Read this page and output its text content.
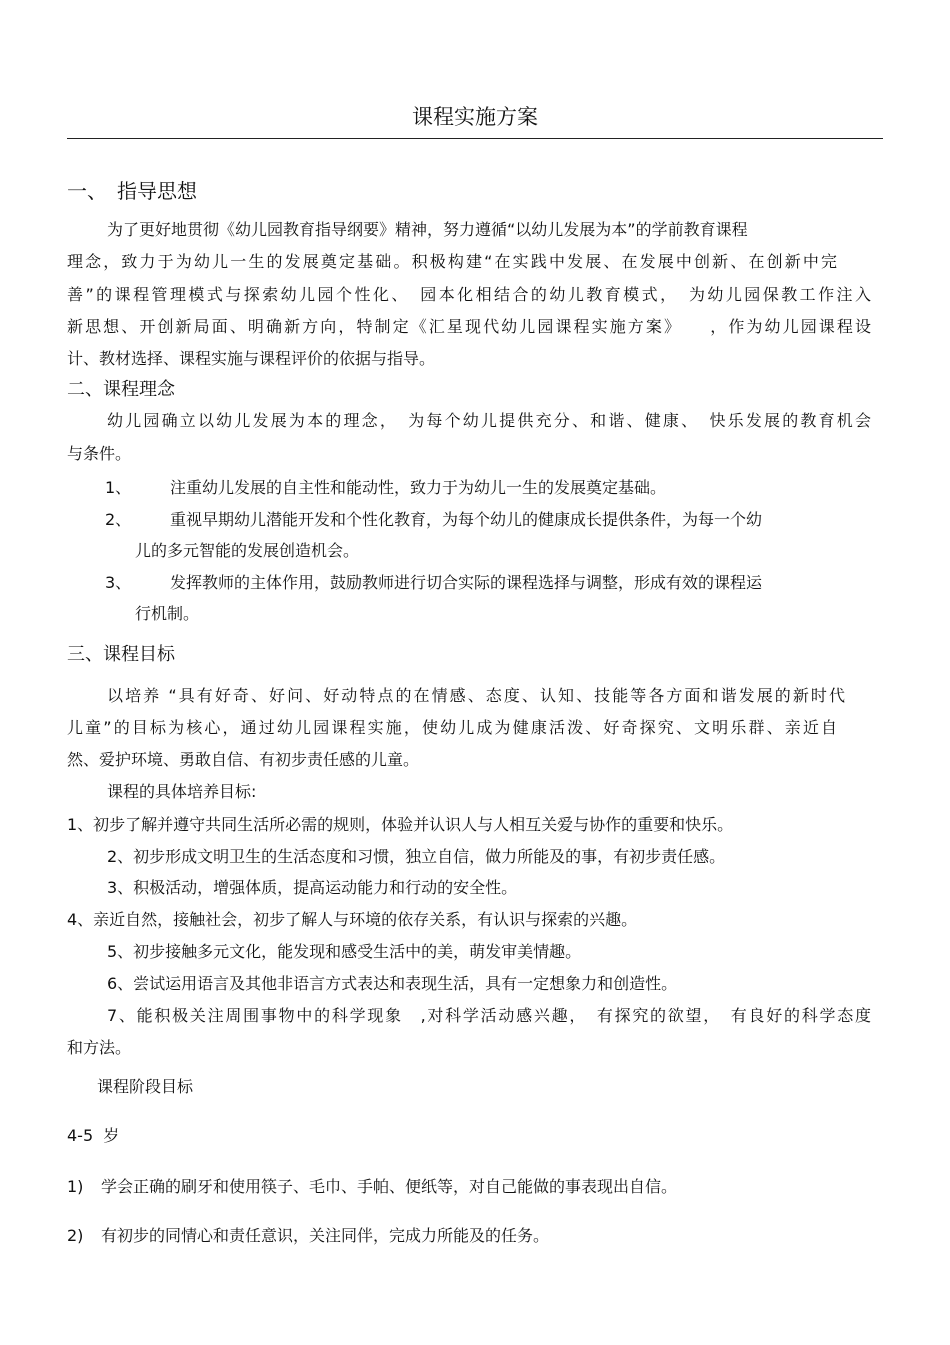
课程实施方案
一、　指导思想
为了更好地贯彻《幼儿园教育指导纲要》精神，努力遵循“以幼儿发展为本”的学前教育课程
理念，致力于为幼儿一生的发展奠定基础。积极构建“在实践中发展、在发展中创新、在创新中完
善”的课程管理模式与探索幼儿园个性化、　园本化相结合的幼儿教育模式，　为幼儿园保教工作注入
新思想、开创新局面、明确新方向，特制定《汇星现代幼儿园课程实施方案》　　，作为幼儿园课程设
计、教材选择、课程实施与课程评价的依据与指导。
二、课程理念
幼儿园确立以幼儿发展为本的理念，　为每个幼儿提供充分、和谐、健康、　快乐发展的教育机会
与条件。
1、 注重幼儿发展的自主性和能动性，致力于为幼儿一生的发展奠定基础。
2、 重视早期幼儿潜能开发和个性化教育，为每个幼儿的健康成长提供条件，为每一个幼
儿的多元智能的发展创造机会。
3、 发挥教师的主体作用，鼓励教师进行切合实际的课程选择与调整，形成有效的课程运
行机制。
三、课程目标
以培养 “具有好奇、好问、好动特点的在情感、态度、认知、技能等各方面和谐发展的新时代
儿童”的目标为核心，通过幼儿园课程实施，使幼儿成为健康活泼、好奇探究、文明乐群、亲近自
然、爱护环境、勇敢自信、有初步责任感的儿童。
课程的具体培养目标:
1、初步了解并遵守共同生活所必需的规则，体验并认识人与人相互关爱与协作的重要和快乐。
2、初步形成文明卫生的生活态度和习惯，独立自信，做力所能及的事，有初步责任感。
3、积极活动，增强体质，提高运动能力和行动的安全性。
4、亲近自然，接触社会，初步了解人与环境的依存关系，有认识与探索的兴趣。
5、初步接触多元文化，能发现和感受生活中的美，萌发审美情趣。
6、尝试运用语言及其他非语言方式表达和表现生活，具有一定想象力和创造性。
7、能积极关注周围事物中的科学现象　,对科学活动感兴趣，　有探究的欲望，　有良好的科学态度
和方法。
课程阶段目标
4-5  岁
1) 学会正确的刷牙和使用筷子、毛巾、手帕、便纸等，对自己能做的事表现出自信。
2) 有初步的同情心和责任意识，关注同伴，完成力所能及的任务。
